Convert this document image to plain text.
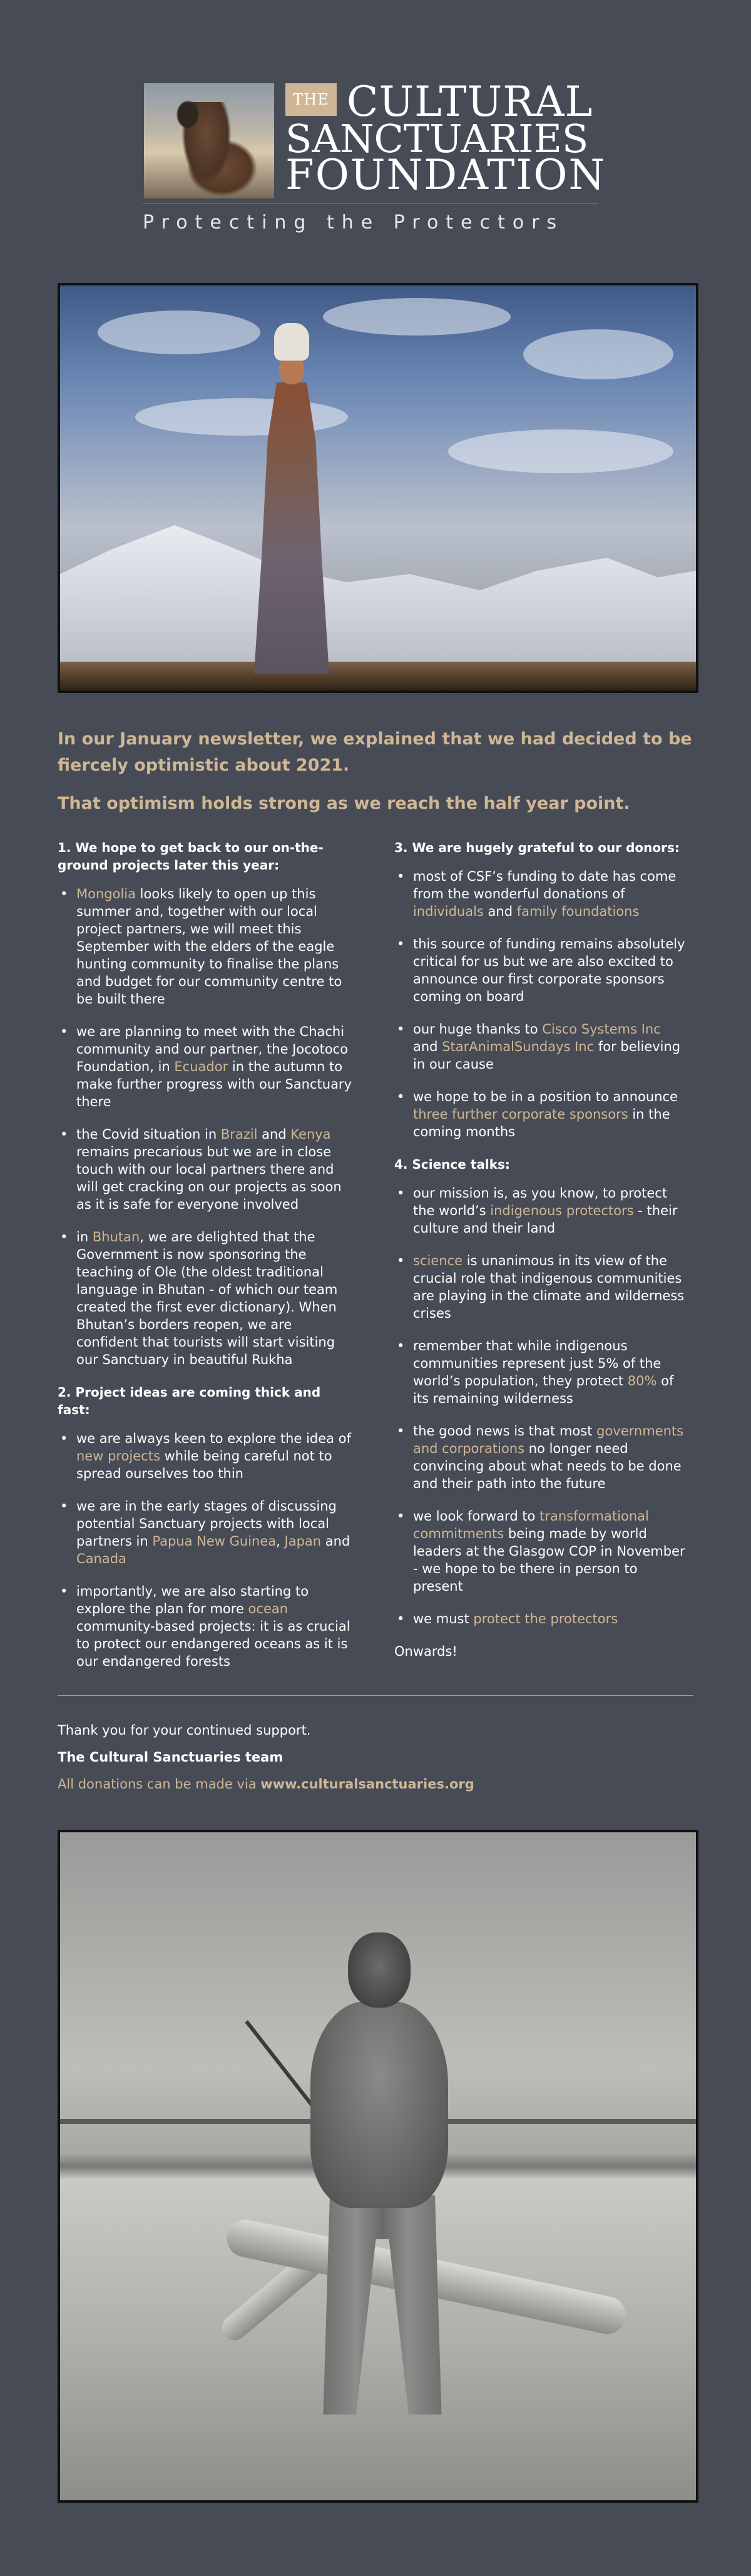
THE CULTURAL
SANCTUARIES
FOUNDATION
Protecting the Protectors
In our January newsletter, we explained that we had decided to be fiercely optimistic about 2021.
That optimism holds strong as we reach the half year point.
1. We hope to get back to our on-the-ground projects later this year:
• Mongolia looks likely to open up this summer and, together with our local project partners, we will meet this September with the elders of the eagle hunting community to finalise the plans and budget for our community centre to be built there
• we are planning to meet with the Chachi community and our partner, the Jocotoco Foundation, in Ecuador in the autumn to make further progress with our Sanctuary there
• the Covid situation in Brazil and Kenya remains precarious but we are in close touch with our local partners there and will get cracking on our projects as soon as it is safe for everyone involved
• in Bhutan, we are delighted that the Government is now sponsoring the teaching of Ole (the oldest traditional language in Bhutan - of which our team created the first ever dictionary). When Bhutan’s borders reopen, we are confident that tourists will start visiting our Sanctuary in beautiful Rukha
2. Project ideas are coming thick and fast:
• we are always keen to explore the idea of new projects while being careful not to spread ourselves too thin
• we are in the early stages of discussing potential Sanctuary projects with local partners in Papua New Guinea, Japan and Canada
• importantly, we are also starting to explore the plan for more ocean community-based projects: it is as crucial to protect our endangered oceans as it is our endangered forests
3. We are hugely grateful to our donors:
• most of CSF’s funding to date has come from the wonderful donations of individuals and family foundations
• this source of funding remains absolutely critical for us but we are also excited to announce our first corporate sponsors coming on board
• our huge thanks to Cisco Systems Inc and StarAnimalSundays Inc for believing in our cause
• we hope to be in a position to announce three further corporate sponsors in the coming months
4. Science talks:
• our mission is, as you know, to protect the world’s indigenous protectors - their culture and their land
• science is unanimous in its view of the crucial role that indigenous communities are playing in the climate and wilderness crises
• remember that while indigenous communities represent just 5% of the world’s population, they protect 80% of its remaining wilderness
• the good news is that most governments and corporations no longer need convincing about what needs to be done and their path into the future
• we look forward to transformational commitments being made by world leaders at the Glasgow COP in November - we hope to be there in person to present
• we must protect the protectors
Onwards!
Thank you for your continued support.
The Cultural Sanctuaries team
All donations can be made via www.culturalsanctuaries.org
